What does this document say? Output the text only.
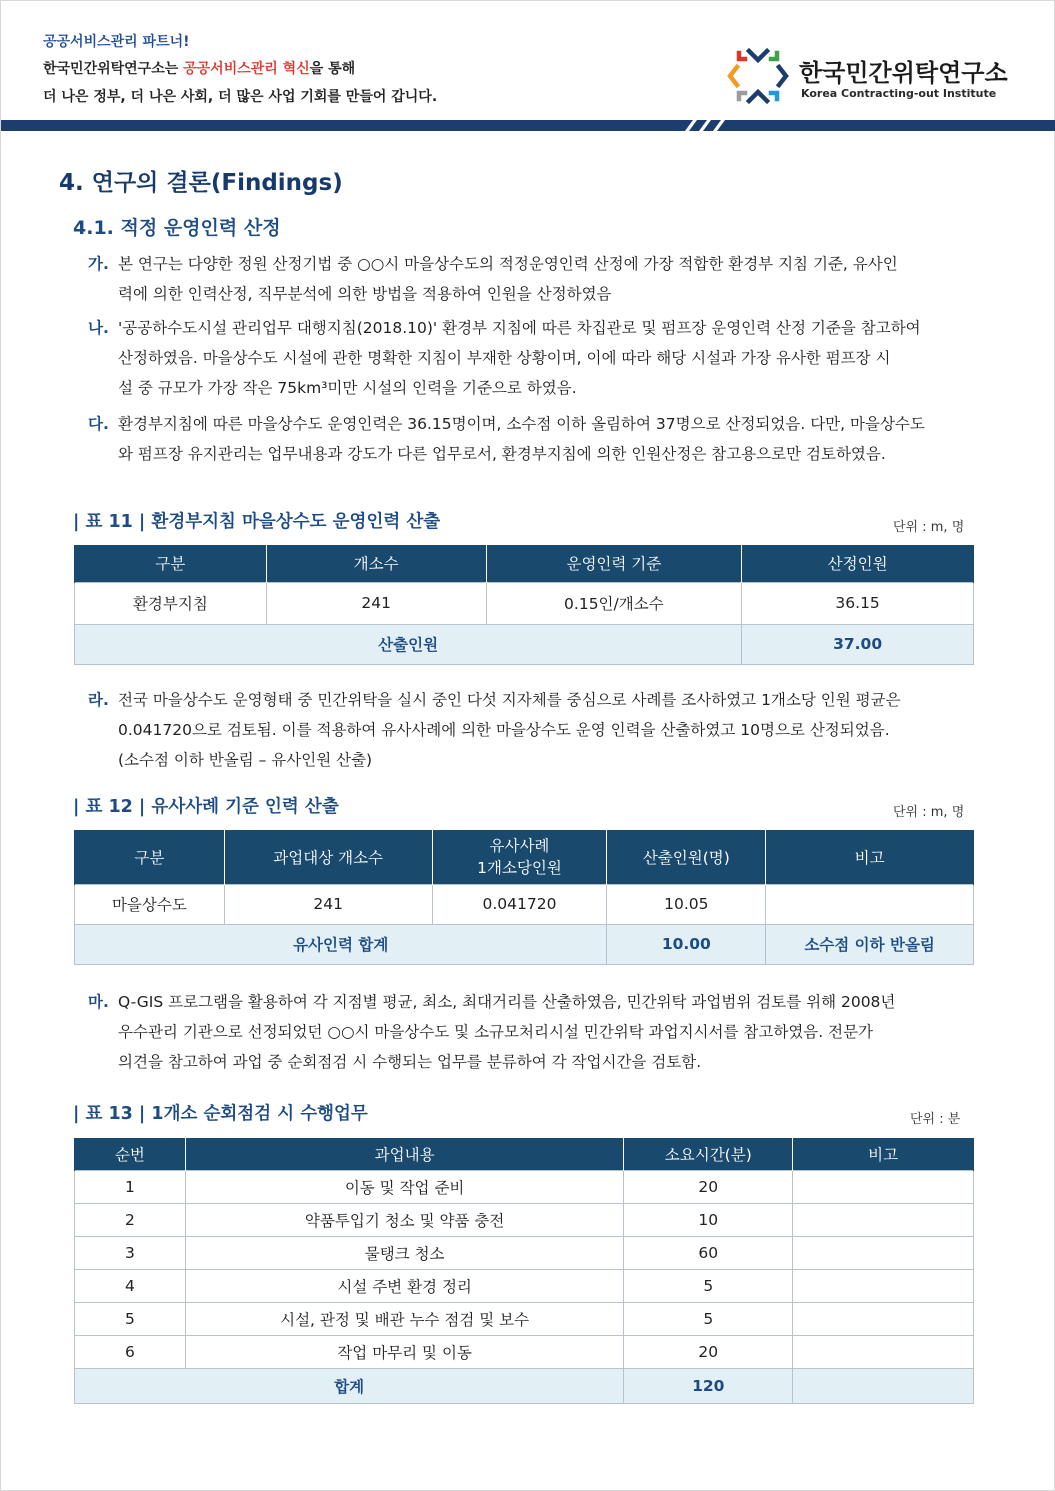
공공서비스관리 파트너!
한국민간위탁연구소는 공공서비스관리 혁신을 통해
더 나은 정부, 더 나은 사회, 더 많은 사업 기회를 만들어 갑니다.
한국민간위탁연구소
Korea Contracting-out Institute
4. 연구의 결론(Findings)
4.1. 적정 운영인력 산정
가. 본 연구는 다양한 정원 산정기법 중 ○○시 마을상수도의 적정운영인력 산정에 가장 적합한 환경부 지침 기준, 유사인
력에 의한 인력산정, 직무분석에 의한 방법을 적용하여 인원을 산정하였음
나. '공공하수도시설 관리업무 대행지침(2018.10)' 환경부 지침에 따른 차집관로 및 펌프장 운영인력 산정 기준을 참고하여
산정하였음. 마을상수도 시설에 관한 명확한 지침이 부재한 상황이며, 이에 따라 해당 시설과 가장 유사한 펌프장 시
설 중 규모가 가장 작은 75km³미만 시설의 인력을 기준으로 하였음.
다. 환경부지침에 따른 마을상수도 운영인력은 36.15명이며, 소수점 이하 올림하여 37명으로 산정되었음. 다만, 마을상수도
와 펌프장 유지관리는 업무내용과 강도가 다른 업무로서, 환경부지침에 의한 인원산정은 참고용으로만 검토하였음.
| 표 11 | 환경부지침 마을상수도 운영인력 산출	단위 : m, 명
구분	개소수	운영인력 기준	산정인원
환경부지침	241	0.15인/개소수	36.15
산출인원			37.00
라. 전국 마을상수도 운영형태 중 민간위탁을 실시 중인 다섯 지자체를 중심으로 사례를 조사하였고 1개소당 인원 평균은
0.041720으로 검토됨. 이를 적용하여 유사사례에 의한 마을상수도 운영 인력을 산출하였고 10명으로 산정되었음.
(소수점 이하 반올림 – 유사인원 산출)
| 표 12 | 유사사례 기준 인력 산출	단위 : m, 명
구분	과업대상 개소수	유사사례
1개소당인원	산출인원(명)	비고
마을상수도	241	0.041720	10.05	
유사인력 합계			10.00	소수점 이하 반올림
마. Q-GIS 프로그램을 활용하여 각 지점별 평균, 최소, 최대거리를 산출하였음, 민간위탁 과업범위 검토를 위해 2008년
우수관리 기관으로 선정되었던 ○○시 마을상수도 및 소규모처리시설 민간위탁 과업지시서를 참고하였음. 전문가
의견을 참고하여 과업 중 순회점검 시 수행되는 업무를 분류하여 각 작업시간을 검토함.
| 표 13 | 1개소 순회점검 시 수행업무	단위 : 분
순번	과업내용	소요시간(분)	비고
1	이동 및 작업 준비	20	
2	약품투입기 청소 및 약품 충전	10	
3	물탱크 청소	60	
4	시설 주변 환경 정리	5	
5	시설, 관정 및 배관 누수 점검 및 보수	5	
6	작업 마무리 및 이동	20	
합계		120	
